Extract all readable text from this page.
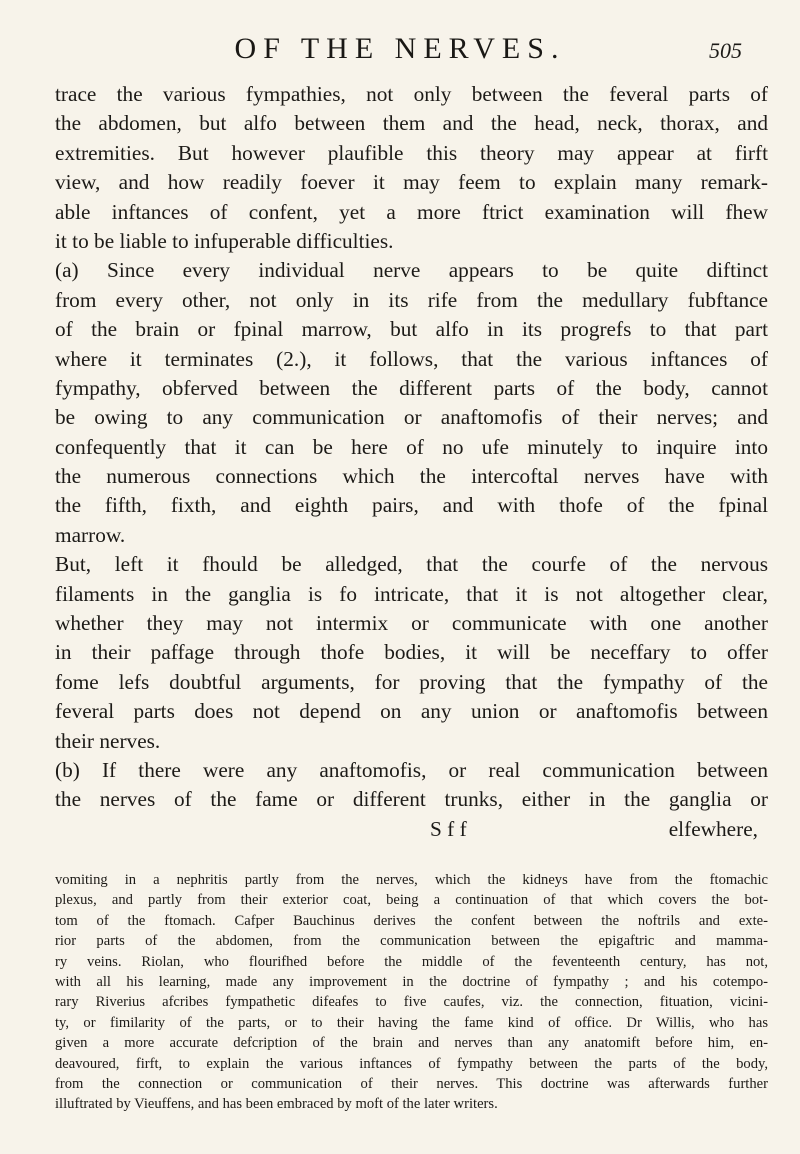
OF THE NERVES.	505
trace the various fympathies, not only between the feveral parts of
the abdomen, but alfo between them and the head, neck, thorax, and
extremities. But however plaufible this theory may appear at firft
view, and how readily foever it may feem to explain many remark-
able inftances of confent, yet a more ftrict examination will fhew
it to be liable to infuperable difficulties.
(a) Since every individual nerve appears to be quite diftinct
from every other, not only in its rife from the medullary fubftance
of the brain or fpinal marrow, but alfo in its progrefs to that part
where it terminates (2.), it follows, that the various inftances of
fympathy, obferved between the different parts of the body, cannot
be owing to any communication or anaftomofis of their nerves; and
confequently that it can be here of no ufe minutely to inquire into
the numerous connections which the intercoftal nerves have with
the fifth, fixth, and eighth pairs, and with thofe of the fpinal
marrow.
But, left it fhould be alledged, that the courfe of the nervous
filaments in the ganglia is fo intricate, that it is not altogether clear,
whether they may not intermix or communicate with one another
in their paffage through thofe bodies, it will be neceffary to offer
fome lefs doubtful arguments, for proving that the fympathy of the
feveral parts does not depend on any union or anaftomofis between
their nerves.
(b) If there were any anaftomofis, or real communication between
the nerves of the fame or different trunks, either in the ganglia or
S f f	elfewhere,
vomiting in a nephritis partly from the nerves, which the kidneys have from the ftomachic
plexus, and partly from their exterior coat, being a continuation of that which covers the bot-
tom of the ftomach. Cafper Bauchinus derives the confent between the noftrils and exte-
rior parts of the abdomen, from the communication between the epigaftric and mamma-
ry veins. Riolan, who flourifhed before the middle of the feventeenth century, has not,
with all his learning, made any improvement in the doctrine of fympathy ; and his cotempo-
rary Riverius afcribes fympathetic difeafes to five caufes, viz. the connection, fituation, vicini-
ty, or fimilarity of the parts, or to their having the fame kind of office. Dr Willis, who has
given a more accurate defcription of the brain and nerves than any anatomift before him, en-
deavoured, firft, to explain the various inftances of fympathy between the parts of the body,
from the connection or communication of their nerves. This doctrine was afterwards further
illuftrated by Vieuffens, and has been embraced by moft of the later writers.
